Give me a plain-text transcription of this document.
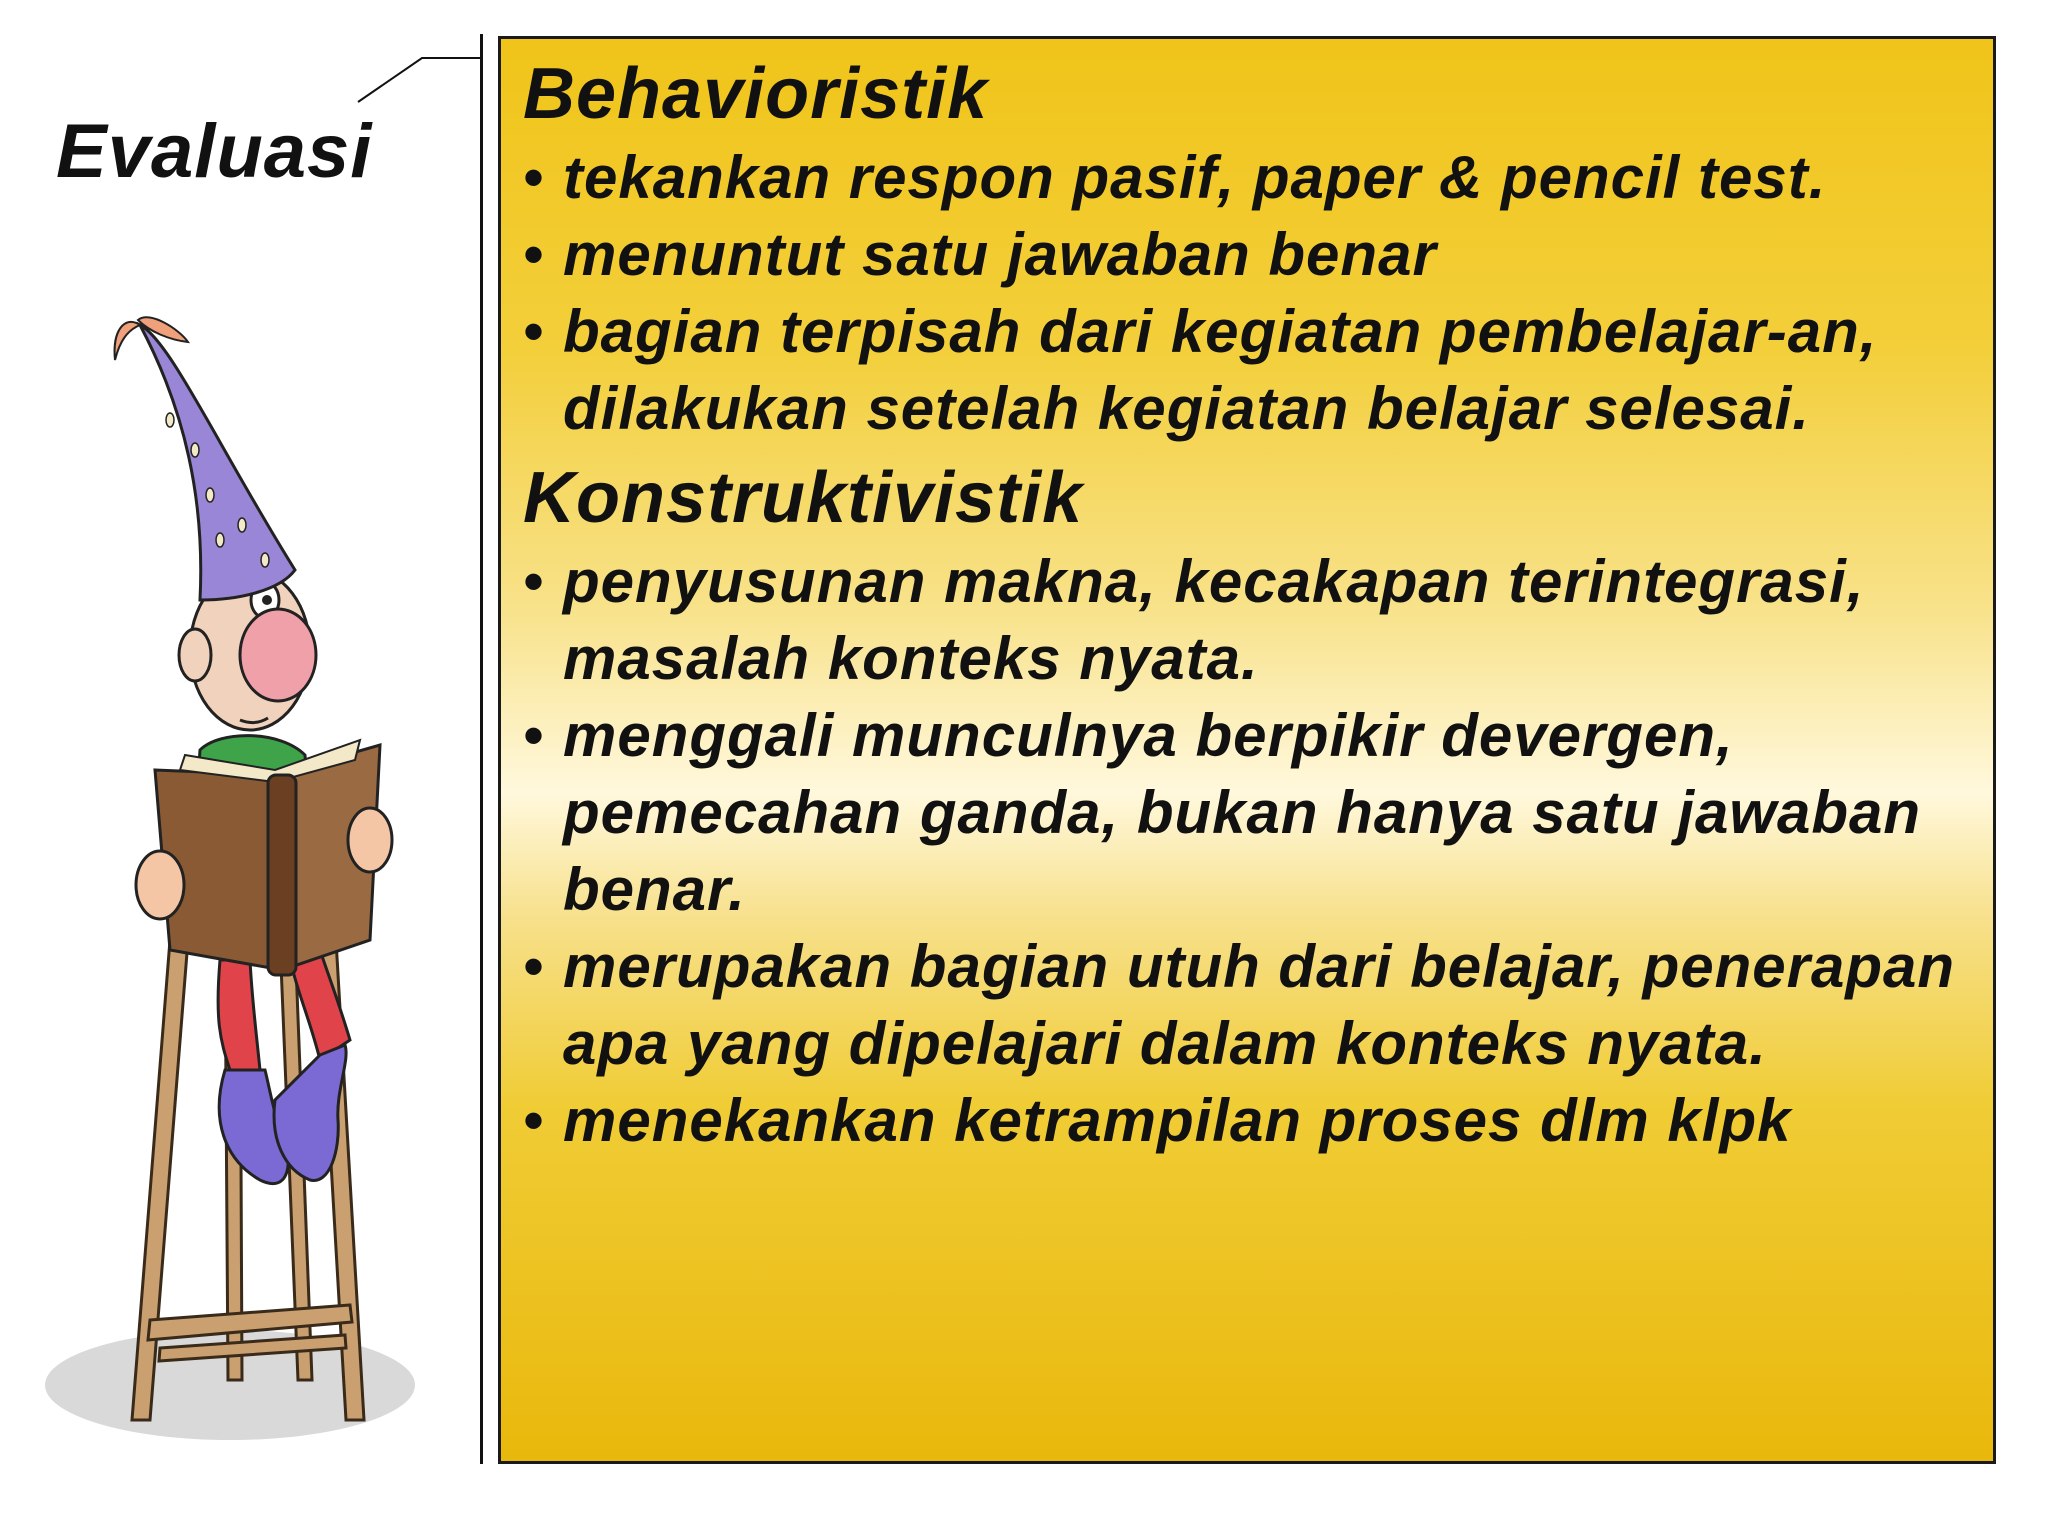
Evaluasi
Behavioristik
• tekankan respon pasif, paper & pencil test.
• menuntut satu jawaban benar
• bagian terpisah dari kegiatan pembelajar-an, dilakukan setelah kegiatan belajar selesai.
Konstruktivistik
• penyusunan makna, kecakapan terintegrasi, masalah konteks nyata.
• menggali munculnya berpikir devergen, pemecahan ganda, bukan hanya satu jawaban benar.
• merupakan bagian utuh dari belajar, penerapan apa yang dipelajari dalam konteks nyata.
• menekankan ketrampilan proses dlm klpk
